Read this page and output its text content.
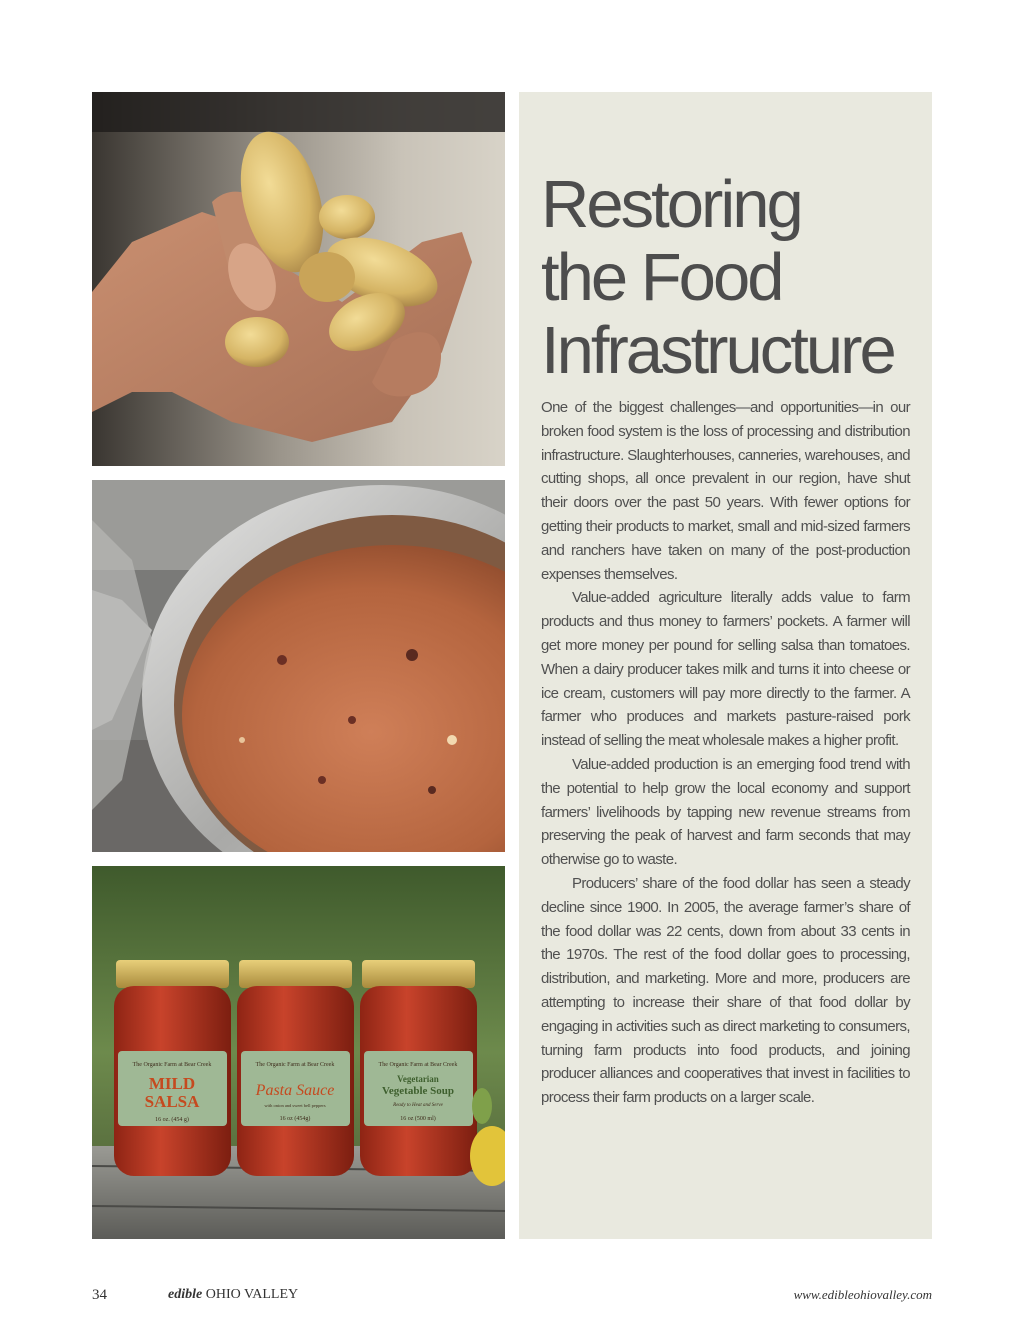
The Organic Farm at Bear Creek
MILD
SALSA
16 oz. (454 g)
The Organic Farm at Bear Creek
Pasta Sauce
with onion and sweet bell peppers
16 oz (454g)
The Organic Farm at Bear Creek
Vegetarian
Vegetable Soup
Ready to Heat and Serve
16 oz (500 ml)
Restoring
the Food
Infrastructure

One of the biggest challenges—and opportunities—in our broken food system is the loss of processing and distribution infrastructure. Slaughterhouses, canneries, warehouses, and cutting shops, all once prevalent in our region, have shut their doors over the past 50 years. With fewer options for getting their products to market, small and mid-sized farmers and ranchers have taken on many of the post-production expenses themselves.

Value-added agriculture literally adds value to farm products and thus money to farmers’ pockets. A farmer will get more money per pound for selling salsa than tomatoes. When a dairy producer takes milk and turns it into cheese or ice cream, customers will pay more directly to the farmer. A farmer who produces and markets pasture-raised pork instead of selling the meat wholesale makes a higher profit.

Value-added production is an emerging food trend with the potential to help grow the local economy and support farmers’ livelihoods by tapping new revenue streams from preserving the peak of harvest and farm seconds that may otherwise go to waste.

Producers’ share of the food dollar has seen a steady decline since 1900. In 2005, the average farmer’s share of the food dollar was 22 cents, down from about 33 cents in the 1970s. The rest of the food dollar goes to processing, distribution, and marketing. More and more, producers are attempting to increase their share of that food dollar by engaging in activities such as direct marketing to consumers, turning farm products into food products, and joining producer alliances and cooperatives that invest in facilities to process their farm products on a larger scale.

34	edible OHIO VALLEY	www.edibleohiovalley.com
